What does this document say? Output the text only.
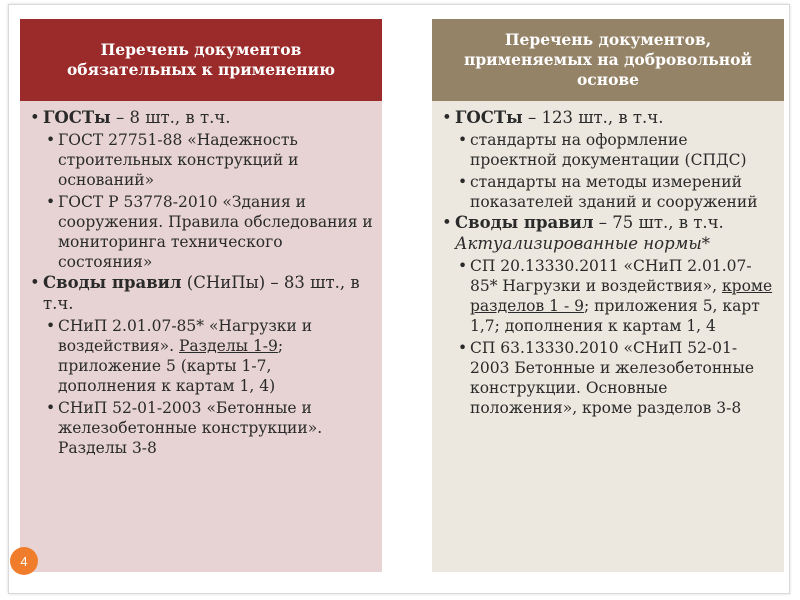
Перечень документов обязательных к применению
• ГОСТы – 8 шт., в т.ч.
• ГОСТ 27751-88 «Надежность строительных конструкций и оснований»
• ГОСТ Р 53778-2010 «Здания и сооружения. Правила обследования и мониторинга технического состояния»
• Своды правил (СНиПы) – 83 шт., в т.ч.
• СНиП 2.01.07-85* «Нагрузки и воздействия». Разделы 1-9; приложение 5 (карты 1-7, дополнения к картам 1, 4)
• СНиП 52-01-2003 «Бетонные и железобетонные конструкции». Разделы 3-8
Перечень документов, применяемых на добровольной основе
• ГОСТы – 123 шт., в т.ч.
• стандарты на оформление проектной документации (СПДС)
• стандарты на методы измерений показателей зданий и сооружений
• Своды правил – 75 шт., в т.ч.
Актуализированные нормы*
• СП 20.13330.2011 «СНиП 2.01.07-85* Нагрузки и воздействия», кроме разделов 1 - 9; приложения 5, карт 1,7; дополнения к картам 1, 4
• СП 63.13330.2010 «СНиП 52-01-2003 Бетонные и железобетонные конструкции. Основные положения», кроме разделов 3-8
4
